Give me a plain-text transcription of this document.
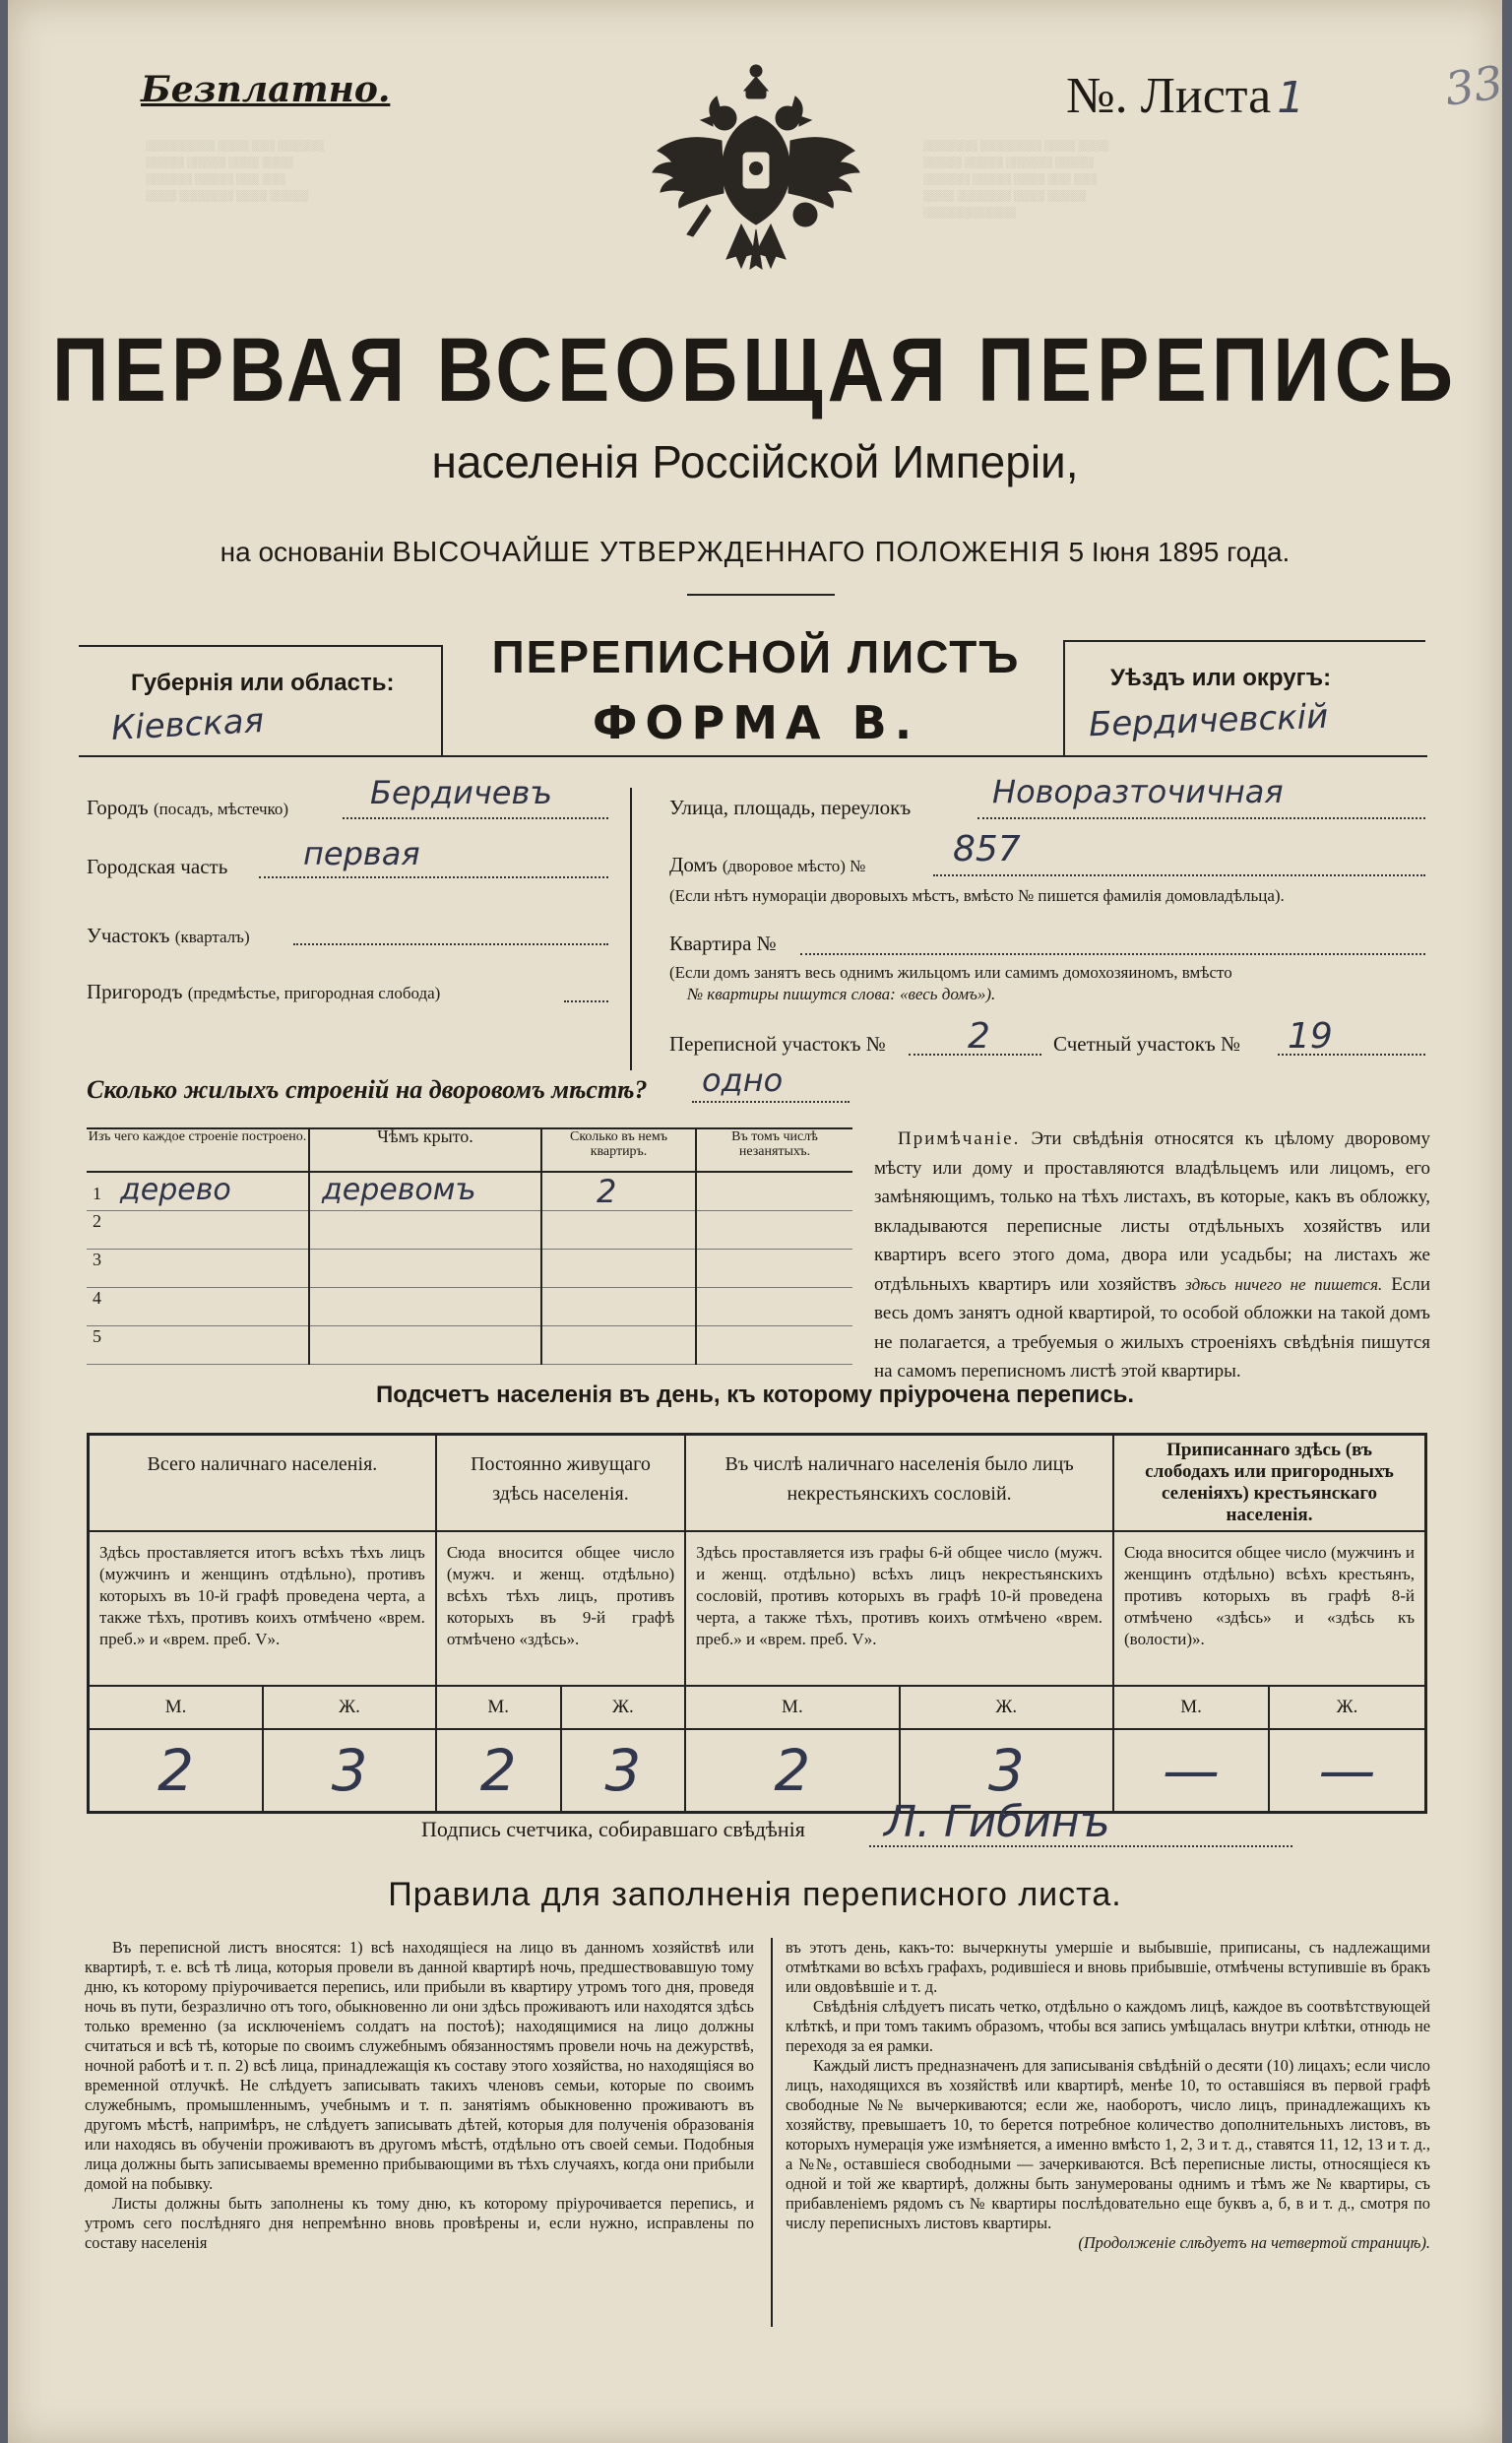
░░░░░░░░░ ░░░░ ░░░ ░░░░░░
░░░░░ ░░░░░ ░░░░ ░░░░
░░░░░░ ░░░░░ ░░░ ░░░
░░░░ ░░░░░░░ ░░░░ ░░░░░
░░░░░░░ ░░░░░░░░ ░░░░ ░░░░
░░░░░ ░░░░░ ░░░░░░ ░░░░░
░░░░░░ ░░░░░ ░░░░ ░░░ ░░░
░░░░ ░░░░░░░ ░░░░ ░░░░░
░░░░░░░░░░░░
Безплатно.	№. Листа 1	33
ПЕРВАЯ ВСЕОБЩАЯ ПЕРЕПИСЬ
населенія Россійской Имперіи,
на основаніи ВЫСОЧАЙШЕ УТВЕРЖДЕННАГО ПОЛОЖЕНІЯ 5 Іюня 1895 года.
Губернія или область:
Кіевская
ПЕРЕПИСНОЙ ЛИСТЪ
ФОРМА В.
Уѣздъ или округъ:
Бердичевскій
Городъ (посадъ, мѣстечко)	Бердичевъ
Городская часть первая
Участокъ (кварталъ)
Пригородъ (предмѣстье, пригородная слобода)
Улица, площадь, переулокъ	Новоразточичная
Домъ (дворовое мѣсто) № 857
(Если нѣтъ нумораціи дворовыхъ мѣстъ, вмѣсто № пишется фамилія домовладѣльца).
Квартира №
(Если домъ занятъ весь однимъ жильцомъ или самимъ домохозяиномъ, вмѣсто
№ квартиры пишутся слова: «весь домъ»).
Переписной участокъ № 2	Счетный участокъ № 19
Сколько жилыхъ строеній на дворовомъ мѣстѣ? одно
Изъ чего каждое строеніе построено.	Чѣмъ крыто.	Сколько въ немъ квартиръ.	Въ томъ числѣ незанятыхъ.
1 дерево	деревомъ	2	
2			
3			
4			
5			
Примѣчаніе. Эти свѣдѣнія относятся къ цѣлому дворовому мѣсту или дому и проставляются владѣльцемъ или лицомъ, его замѣняющимъ, только на тѣхъ листахъ, въ которые, какъ въ обложку, вкладываются переписные листы отдѣльныхъ хозяйствъ или квартиръ всего этого дома, двора или усадьбы; на листахъ же отдѣльныхъ квартиръ или хозяйствъ здѣсь ничего не пишется. Если весь домъ занятъ одной квартирой, то особой обложки на такой домъ не полагается, а требуемыя о жилыхъ строеніяхъ свѣдѣнія пишутся на самомъ переписномъ листѣ этой квартиры.
Подсчетъ населенія въ день, къ которому пріурочена перепись.
Всего наличнаго населенія.		Постоянно живущаго здѣсь населенія.		Въ числѣ наличнаго населенія было лицъ некрестьянскихъ сословій.		Приписаннаго здѣсь (въ слободахъ или пригородныхъ селеніяхъ) крестьянскаго населенія.	
Здѣсь проставляется итогъ всѣхъ тѣхъ лицъ (мужчинъ и женщинъ отдѣльно), противъ которыхъ въ 10-й графѣ проведена черта, а также тѣхъ, противъ коихъ отмѣчено «врем. преб.» и «врем. преб. V».		Сюда вносится общее число (мужч. и женщ. отдѣльно) всѣхъ тѣхъ лицъ, противъ которыхъ въ 9-й графѣ отмѣчено «здѣсь».		Здѣсь проставляется изъ графы 6-й общее число (мужч. и женщ. отдѣльно) всѣхъ лицъ некрестьянскихъ сословій, противъ которыхъ въ графѣ 10-й проведена черта, а также тѣхъ, противъ коихъ отмѣчено «врем. преб.» и «врем. преб. V».		Сюда вносится общее число (мужчинъ и женщинъ отдѣльно) всѣхъ крестьянъ, противъ которыхъ въ графѣ 8-й отмѣчено «здѣсь» и «здѣсь къ (волости)».	
М.	Ж.	М.	Ж.	М.	Ж.	М.	Ж.
2	3	2	3	2	3	—	—
Подпись счетчика, собиравшаго свѣдѣнія Л. Гибинъ
Правила для заполненія переписного листа.

Въ переписной листъ вносятся: 1) всѣ находящіеся на лицо въ данномъ хозяйствѣ или квартирѣ, т. е. всѣ тѣ лица, которыя провели въ данной квартирѣ ночь, предшествовавшую тому дню, къ которому пріурочивается перепись, или прибыли въ квартиру утромъ того дня, проведя ночь въ пути, безразлично отъ того, обыкновенно ли они здѣсь проживаютъ или находятся здѣсь только временно (за исключеніемъ солдатъ на постоѣ); находящимися на лицо должны считаться и всѣ тѣ, которые по своимъ служебнымъ обязанностямъ провели ночь на дежурствѣ, ночной работѣ и т. п. 2) всѣ лица, принадлежащія къ составу этого хозяйства, но находящіяся во временной отлучкѣ. Не слѣдуетъ записывать такихъ членовъ семьи, которые по своимъ служебнымъ, промышленнымъ, учебнымъ и т. п. занятіямъ обыкновенно проживаютъ въ другомъ мѣстѣ, напримѣръ, не слѣдуетъ записывать дѣтей, которыя для полученія образованія или находясь въ обученіи проживаютъ въ другомъ мѣстѣ, отдѣльно отъ своей семьи. Подобныя лица должны быть записываемы временно прибывающими въ тѣхъ случаяхъ, когда они прибыли домой на побывку.

Листы должны быть заполнены къ тому дню, къ которому пріурочивается перепись, и утромъ сего послѣдняго дня непремѣнно вновь провѣрены и, если нужно, исправлены по составу населенія

въ этотъ день, какъ-то: вычеркнуты умершіе и выбывшіе, приписаны, съ надлежащими отмѣтками во всѣхъ графахъ, родившіеся и вновь прибывшіе, отмѣчены вступившіе въ бракъ или овдовѣвшіе и т. д.

Свѣдѣнія слѣдуетъ писать четко, отдѣльно о каждомъ лицѣ, каждое въ соотвѣтствующей клѣткѣ, и при томъ такимъ образомъ, чтобы вся запись умѣщалась внутри клѣтки, отнюдь не переходя за ея рамки.

Каждый листъ предназначенъ для записыванія свѣдѣній о десяти (10) лицахъ; если число лицъ, находящихся въ хозяйствѣ или квартирѣ, менѣе 10, то оставшіяся въ первой графѣ свободные №№ вычеркиваются; если же, наоборотъ, число лицъ, принадлежащихъ къ хозяйству, превышаетъ 10, то берется потребное количество дополнительныхъ листовъ, въ которыхъ нумерація уже измѣняется, а именно вмѣсто 1, 2, 3 и т. д., ставятся 11, 12, 13 и т. д., а №№, оставшіеся свободными — зачеркиваются. Всѣ переписные листы, относящіеся къ одной и той же квартирѣ, должны быть занумерованы однимъ и тѣмъ же № квартиры, съ прибавленіемъ рядомъ съ № квартиры послѣдовательно еще буквъ а, б, в и т. д., смотря по числу переписныхъ листовъ квартиры.

(Продолженіе слѣдуетъ на четвертой страницѣ).
